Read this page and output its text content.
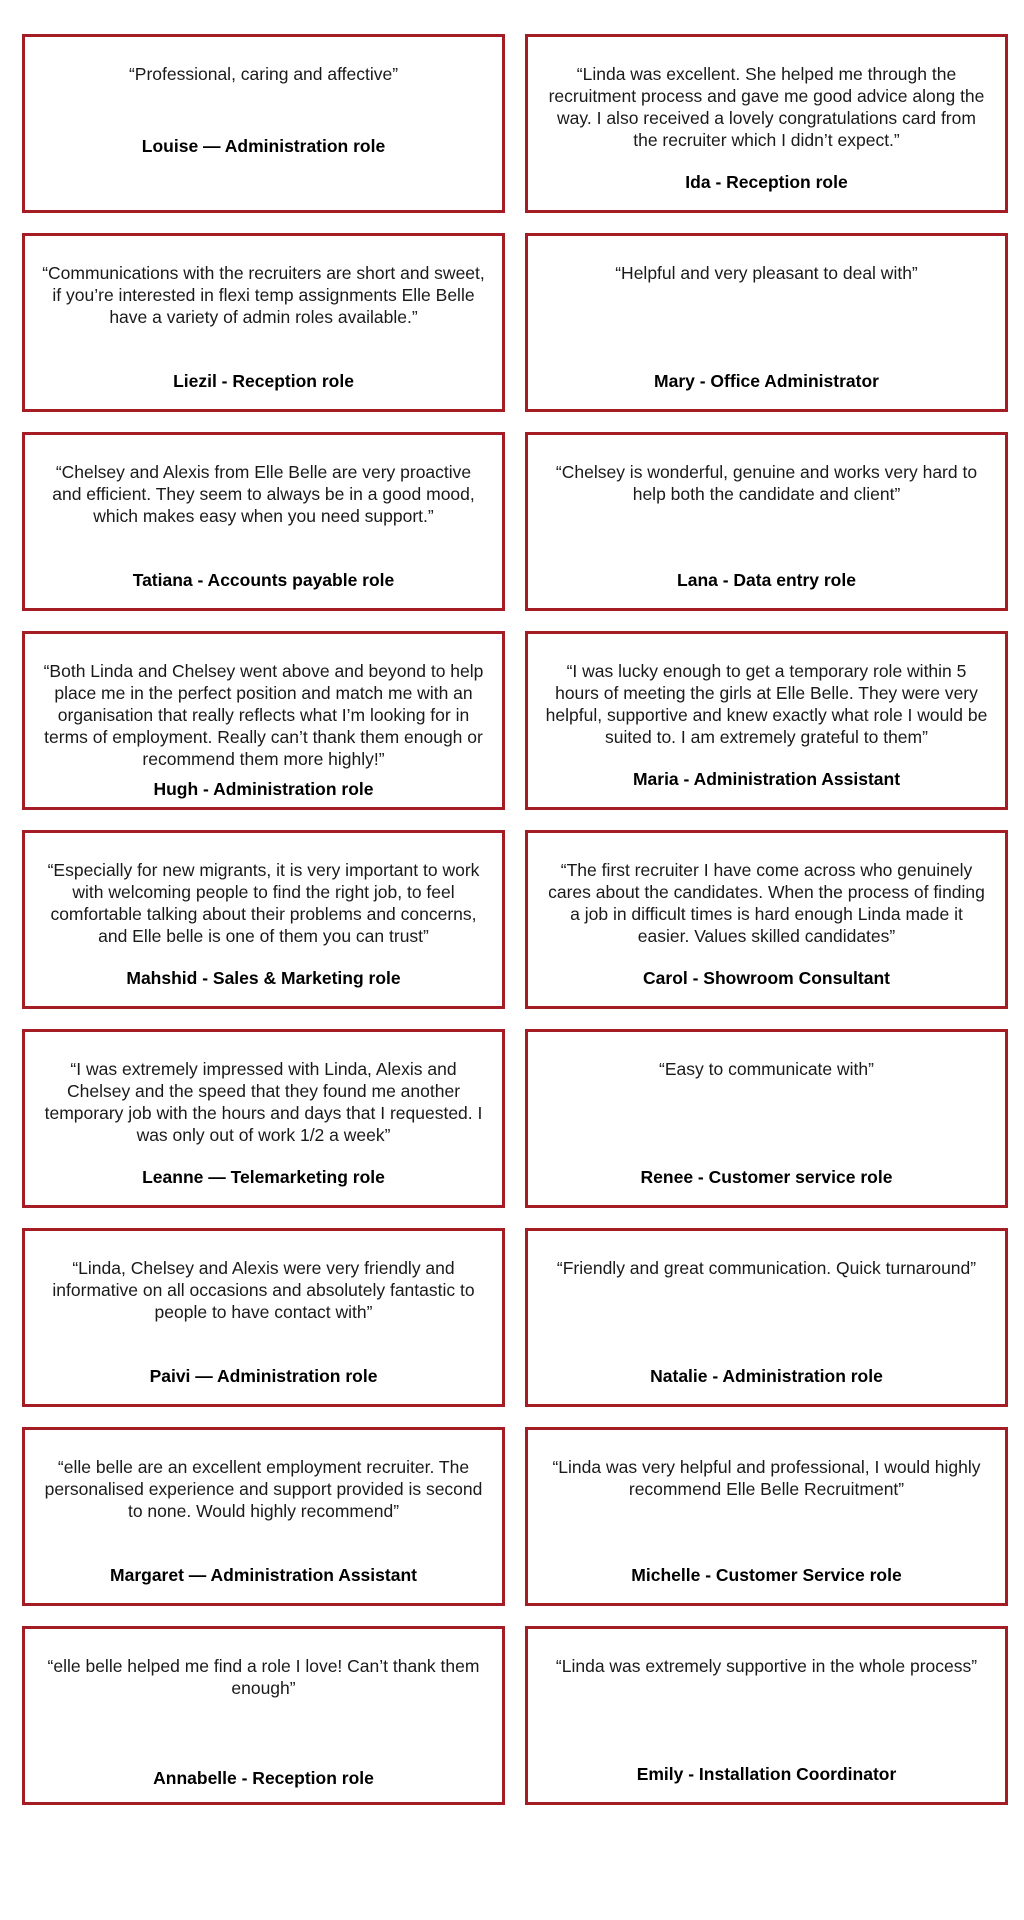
“Professional, caring and affective”

Louise — Administration role

“Linda was excellent. She helped me through the recruitment process and gave me good advice along the way. I also received a lovely congratulations card from the recruiter which I didn’t expect.”

Ida - Reception role

“Communications with the recruiters are short and sweet, if you’re interested in flexi temp assignments Elle Belle have a variety of admin roles available.”

Liezil - Reception role

“Helpful and very pleasant to deal with”

Mary - Office Administrator

“Chelsey and Alexis from Elle Belle are very proactive and efficient. They seem to always be in a good mood, which makes easy when you need support.”

Tatiana - Accounts payable role

“Chelsey is wonderful, genuine and works very hard to help both the candidate and client”

Lana - Data entry role

“Both Linda and Chelsey went above and beyond to help place me in the perfect position and match me with an organisation that really reflects what I’m looking for in terms of employment. Really can’t thank them enough or recommend them more highly!”

Hugh - Administration role

“I was lucky enough to get a temporary role within 5 hours of meeting the girls at Elle Belle. They were very helpful, supportive and knew exactly what role I would be suited to. I am extremely grateful to them”

Maria - Administration Assistant

“Especially for new migrants, it is very important to work with welcoming people to find the right job, to feel comfortable talking about their problems and concerns, and Elle belle is one of them you can trust”

Mahshid - Sales & Marketing role

“The first recruiter I have come across who genuinely cares about the candidates. When the process of finding a job in difficult times is hard enough Linda made it easier. Values skilled candidates”

Carol - Showroom Consultant

“I was extremely impressed with Linda, Alexis and Chelsey and the speed that they found me another temporary job with the hours and days that I requested. I was only out of work 1/2 a week”

Leanne — Telemarketing role

“Easy to communicate with”

Renee - Customer service role

“Linda, Chelsey and Alexis were very friendly and informative on all occasions and absolutely fantastic to people to have contact with”

Paivi — Administration role

“Friendly and great communication. Quick turnaround”

Natalie - Administration role

“elle belle are an excellent employment recruiter. The personalised experience and support provided is second to none. Would highly recommend”

Margaret — Administration Assistant

“Linda was very helpful and professional, I would highly recommend Elle Belle Recruitment”

Michelle - Customer Service role

“elle belle helped me find a role I love! Can’t thank them enough”

Annabelle - Reception role

“Linda was extremely supportive in the whole process”

Emily - Installation Coordinator
